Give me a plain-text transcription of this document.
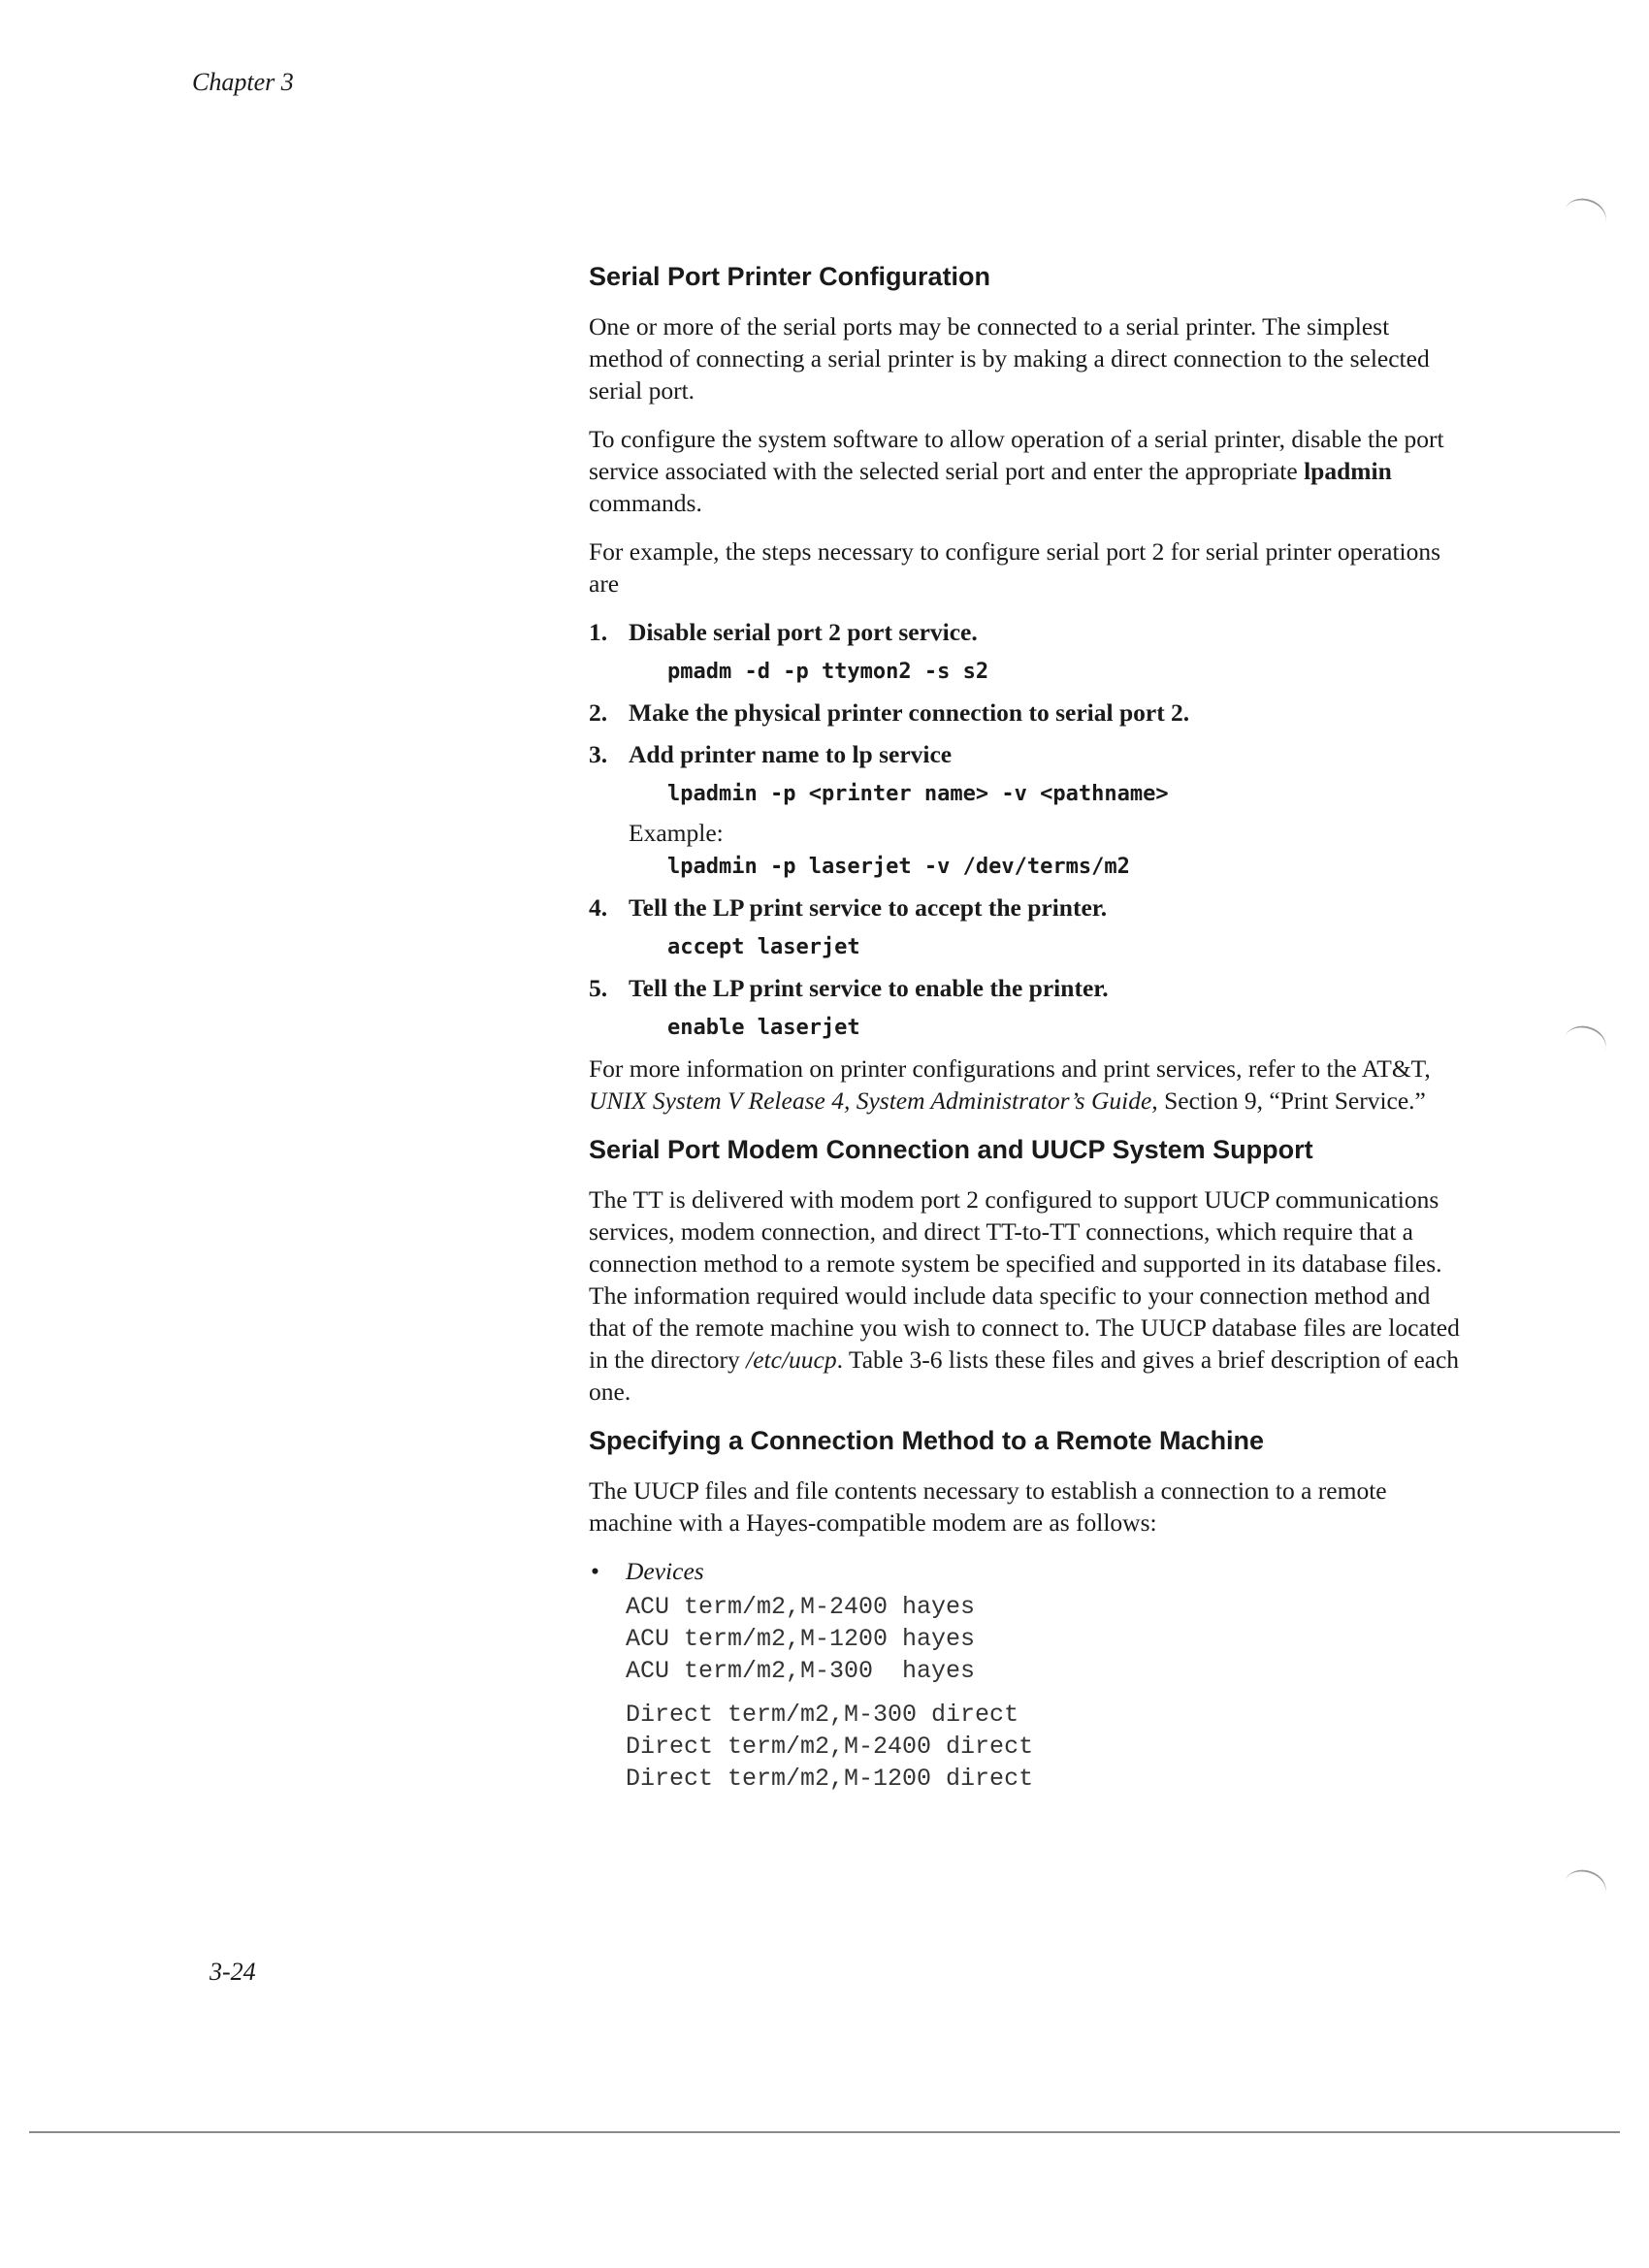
Chapter 3
Serial Port Printer Configuration

One or more of the serial ports may be connected to a serial printer. The simplest method of connecting a serial printer is by making a direct connection to the selected serial port.

To configure the system software to allow operation of a serial printer, disable the port service associated with the selected serial port and enter the appropriate lpadmin commands.

For example, the steps necessary to configure serial port 2 for serial printer operations are

1. Disable serial port 2 port service.
pmadm -d -p ttymon2 -s s2
2. Make the physical printer connection to serial port 2.
3. Add printer name to lp service
lpadmin -p <printer name> -v <pathname>
Example:
lpadmin -p laserjet -v /dev/terms/m2
4. Tell the LP print service to accept the printer.
accept laserjet
5. Tell the LP print service to enable the printer.
enable laserjet

For more information on printer configurations and print services, refer to the AT&T, UNIX System V Release 4, System Administrator’s Guide, Section 9, “Print Service.”

Serial Port Modem Connection and UUCP System Support

The TT is delivered with modem port 2 configured to support UUCP communications services, modem connection, and direct TT-to-TT connections, which require that a connection method to a remote system be specified and supported in its database files. The information required would include data specific to your connection method and that of the remote machine you wish to connect to. The UUCP database files are located in the directory /etc/uucp. Table 3-6 lists these files and gives a brief description of each one.

Specifying a Connection Method to a Remote Machine

The UUCP files and file contents necessary to establish a connection to a remote machine with a Hayes-compatible modem are as follows:

• Devices
ACU term/m2,M-2400 hayes
ACU term/m2,M-1200 hayes
ACU term/m2,M-300  hayes
Direct term/m2,M-300 direct
Direct term/m2,M-2400 direct
Direct term/m2,M-1200 direct
3-24
